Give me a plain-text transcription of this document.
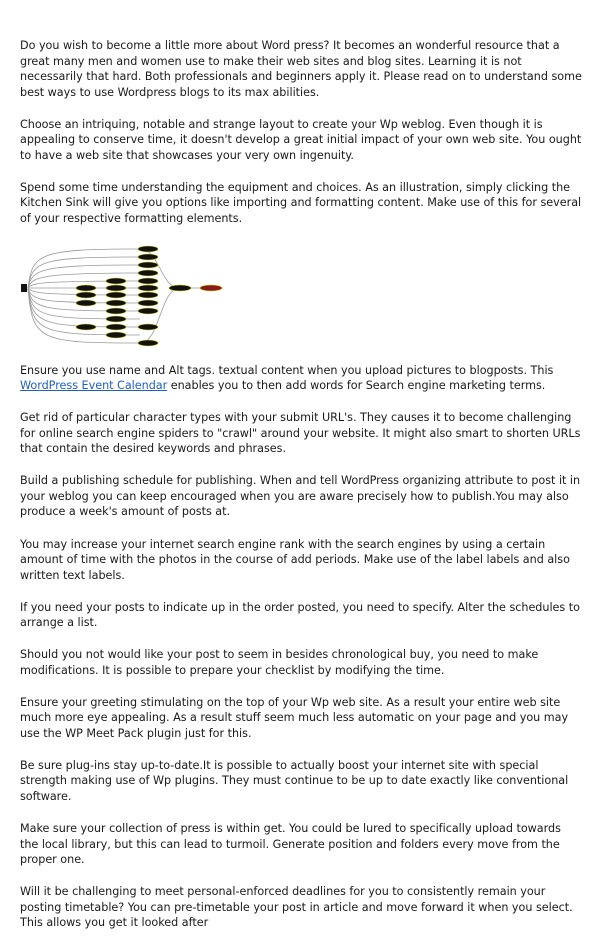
Do you wish to become a little more about Word press? It becomes an wonderful resource that a great many men and women use to make their web sites and blog sites. Learning it is not necessarily that hard. Both professionals and beginners apply it. Please read on to understand some best ways to use Wordpress blogs to its max abilities.

Choose an intriquing, notable and strange layout to create your Wp weblog. Even though it is appealing to conserve time, it doesn't develop a great initial impact of your own web site. You ought to have a web site that showcases your very own ingenuity.

Spend some time understanding the equipment and choices. As an illustration, simply clicking the Kitchen Sink will give you options like importing and formatting content. Make use of this for several of your respective formatting elements.

Ensure you use name and Alt tags. textual content when you upload pictures to blogposts. This WordPress Event Calendar enables you to then add words for Search engine marketing terms.

Get rid of particular character types with your submit URL's. They causes it to become challenging for online search engine spiders to "crawl" around your website. It might also smart to shorten URLs that contain the desired keywords and phrases.

Build a publishing schedule for publishing. When and tell WordPress organizing attribute to post it in your weblog you can keep encouraged when you are aware precisely how to publish.You may also produce a week's amount of posts at.

You may increase your internet search engine rank with the search engines by using a certain amount of time with the photos in the course of add periods. Make use of the label labels and also written text labels.

If you need your posts to indicate up in the order posted, you need to specify. Alter the schedules to arrange a list.

Should you not would like your post to seem in besides chronological buy, you need to make modifications. It is possible to prepare your checklist by modifying the time.

Ensure your greeting stimulating on the top of your Wp web site. As a result your entire web site much more eye appealing. As a result stuff seem much less automatic on your page and you may use the WP Meet Pack plugin just for this.

Be sure plug-ins stay up-to-date.It is possible to actually boost your internet site with special strength making use of Wp plugins. They must continue to be up to date exactly like conventional software.

Make sure your collection of press is within get. You could be lured to specifically upload towards the local library, but this can lead to turmoil. Generate position and folders every move from the proper one.

Will it be challenging to meet personal-enforced deadlines for you to consistently remain your posting timetable? You can pre-timetable your post in article and move forward it when you select. This allows you get it looked after
